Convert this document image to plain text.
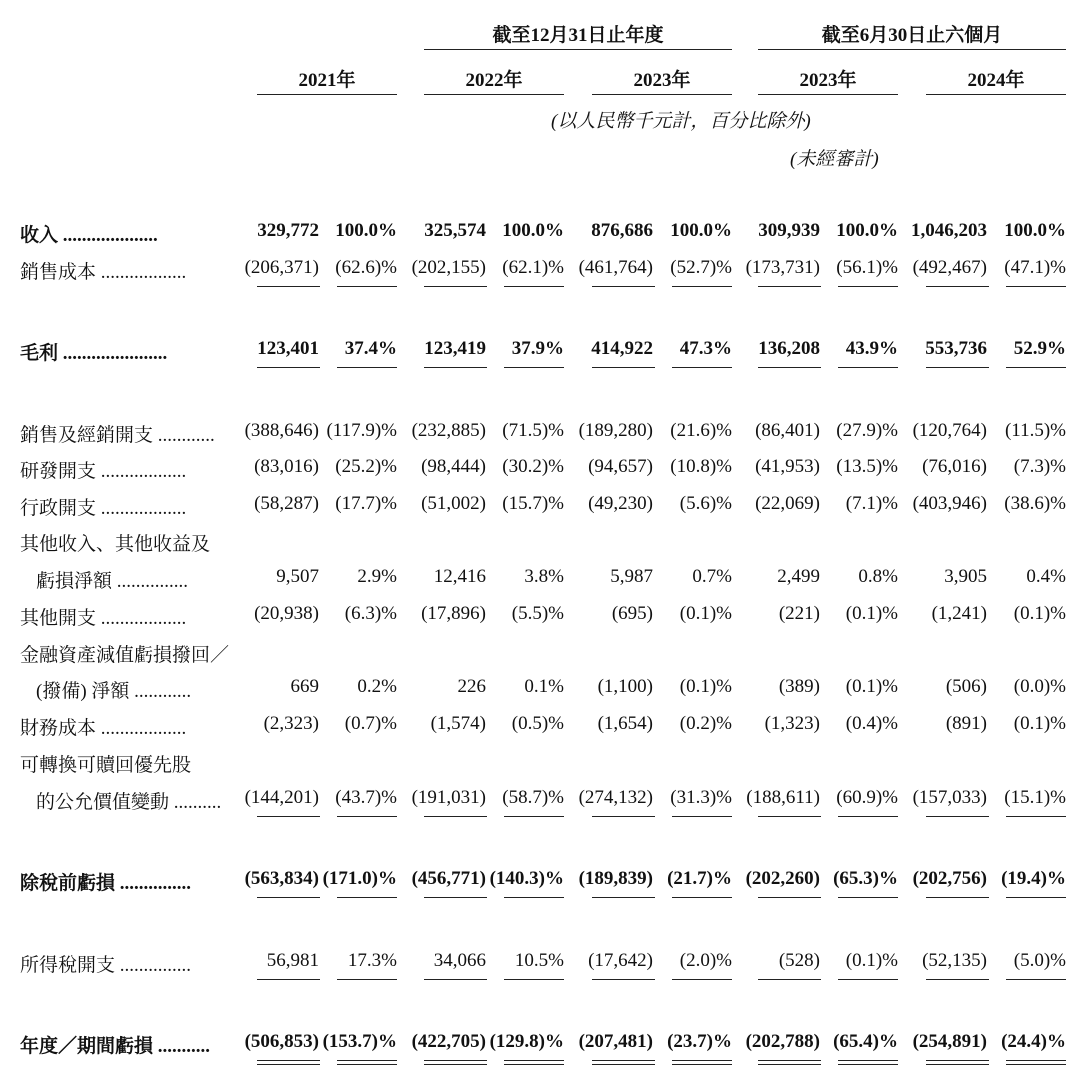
截至12月31日止年度	截至6月30日止六個月
2021年	2022年	2023年	2023年	2024年
(以人民幣千元計，百分比除外)
(未經審計)
收入 ....................	329,772 100.0% 325,574 100.0% 876,686 100.0% 309,939 100.0% 1,046,203 100.0%
銷售成本 ..................	(206,371) (62.6)% (202,155) (62.1)% (461,764) (52.7)% (173,731) (56.1)% (492,467) (47.1)%
毛利 ......................	123,401 37.4% 123,419 37.9% 414,922 47.3% 136,208 43.9% 553,736 52.9%
銷售及經銷開支 ............ (388,646) (117.9)% (232,885) (71.5)% (189,280) (21.6)% (86,401) (27.9)% (120,764) (11.5)%
研發開支 ..................	(83,016) (25.2)% (98,444) (30.2)% (94,657) (10.8)% (41,953) (13.5)% (76,016) (7.3)%
行政開支 ..................	(58,287) (17.7)% (51,002) (15.7)% (49,230) (5.6)% (22,069) (7.1)% (403,946) (38.6)%
其他收入、其他收益及
虧損淨額 ...............	9,507 2.9% 12,416 3.8% 5,987 0.7% 2,499 0.8% 3,905 0.4%
其他開支 ..................	(20,938) (6.3)% (17,896) (5.5)%	(695) (0.1)% (221) (0.1)% (1,241) (0.1)%
金融資產減值虧損撥回／
(撥備) 淨額 ............	669 0.2%	226 0.1% (1,100) (0.1)% (389) (0.1)%	(506) (0.0)%
財務成本 ..................	(2,323) (0.7)% (1,574) (0.5)% (1,654) (0.2)% (1,323) (0.4)%	(891) (0.1)%
可轉換可贖回優先股
的公允價值變動 .......... (144,201) (43.7)% (191,031) (58.7)% (274,132) (31.3)% (188,611) (60.9)% (157,033) (15.1)%
除稅前虧損 ...............	(563,834) (171.0)% (456,771) (140.3)% (189,839) (21.7)% (202,260) (65.3)% (202,756) (19.4)%
所得稅開支 ...............	56,981 17.3% 34,066 10.5% (17,642) (2.0)% (528) (0.1)% (52,135) (5.0)%
年度／期間虧損 ........... (506,853) (153.7)% (422,705) (129.8)% (207,481) (23.7)% (202,788) (65.4)% (254,891) (24.4)%
